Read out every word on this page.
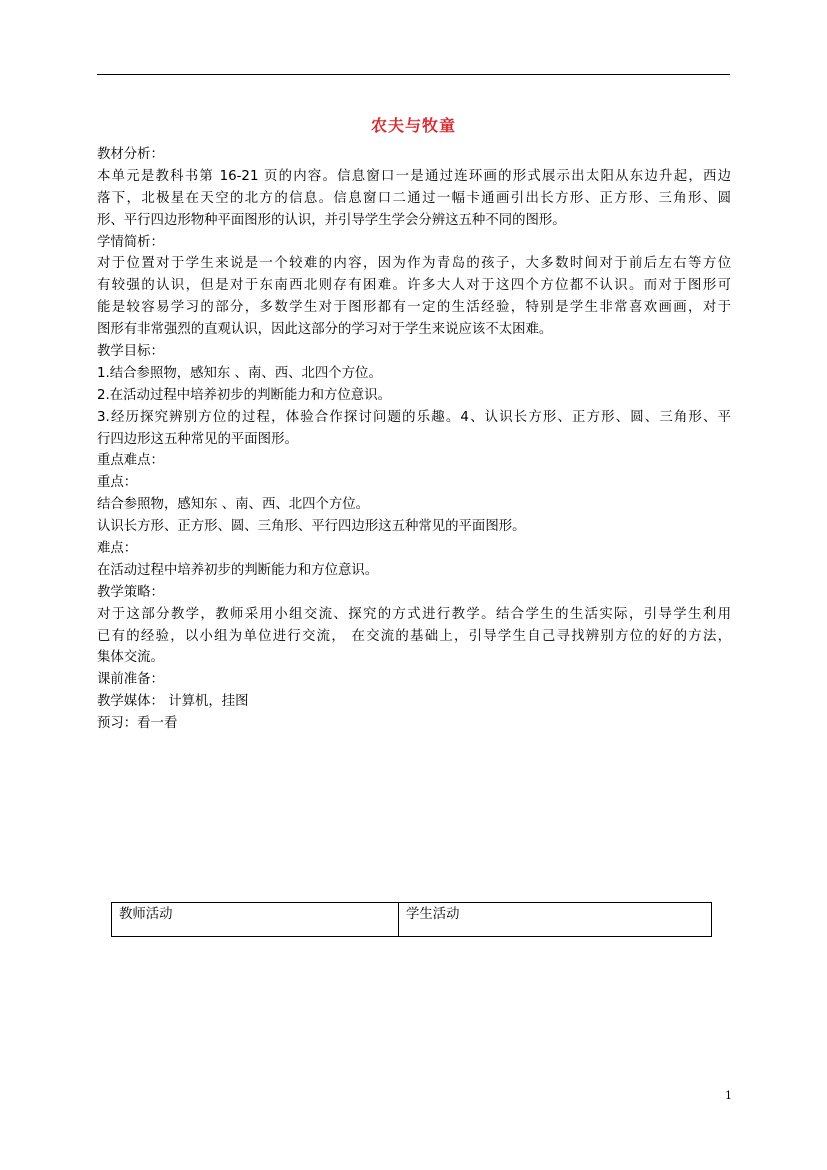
农夫与牧童
教材分析：
本单元是教科书第 16-21 页的内容。信息窗口一是通过连环画的形式展示出太阳从东边升起，西边
落下，北极星在天空的北方的信息。信息窗口二通过一幅卡通画引出长方形、正方形、三角形、圆
形、平行四边形物种平面图形的认识，并引导学生学会分辨这五种不同的图形。
学情简析：
对于位置对于学生来说是一个较难的内容，因为作为青岛的孩子，大多数时间对于前后左右等方位
有较强的认识，但是对于东南西北则存有困难。许多大人对于这四个方位都不认识。而对于图形可
能是较容易学习的部分，多数学生对于图形都有一定的生活经验，特别是学生非常喜欢画画，对于
图形有非常强烈的直观认识，因此这部分的学习对于学生来说应该不太困难。
教学目标：
1.结合参照物，感知东 、南、西、北四个方位。
2.在活动过程中培养初步的判断能力和方位意识。
3.经历探究辨别方位的过程，体验合作探讨问题的乐趣。4、认识长方形、正方形、圆、三角形、平
行四边形这五种常见的平面图形。
重点难点：
重点：
结合参照物，感知东 、南、西、北四个方位。
认识长方形、正方形、圆、三角形、平行四边形这五种常见的平面图形。
难点：
在活动过程中培养初步的判断能力和方位意识。
教学策略：
对于这部分教学，教师采用小组交流、探究的方式进行教学。结合学生的生活实际，引导学生利用
已有的经验，以小组为单位进行交流， 在交流的基础上，引导学生自己寻找辨别方位的好的方法，
集体交流。
课前准备：
教学媒体： 计算机，挂图
预习：看一看
教师活动	学生活动
1
